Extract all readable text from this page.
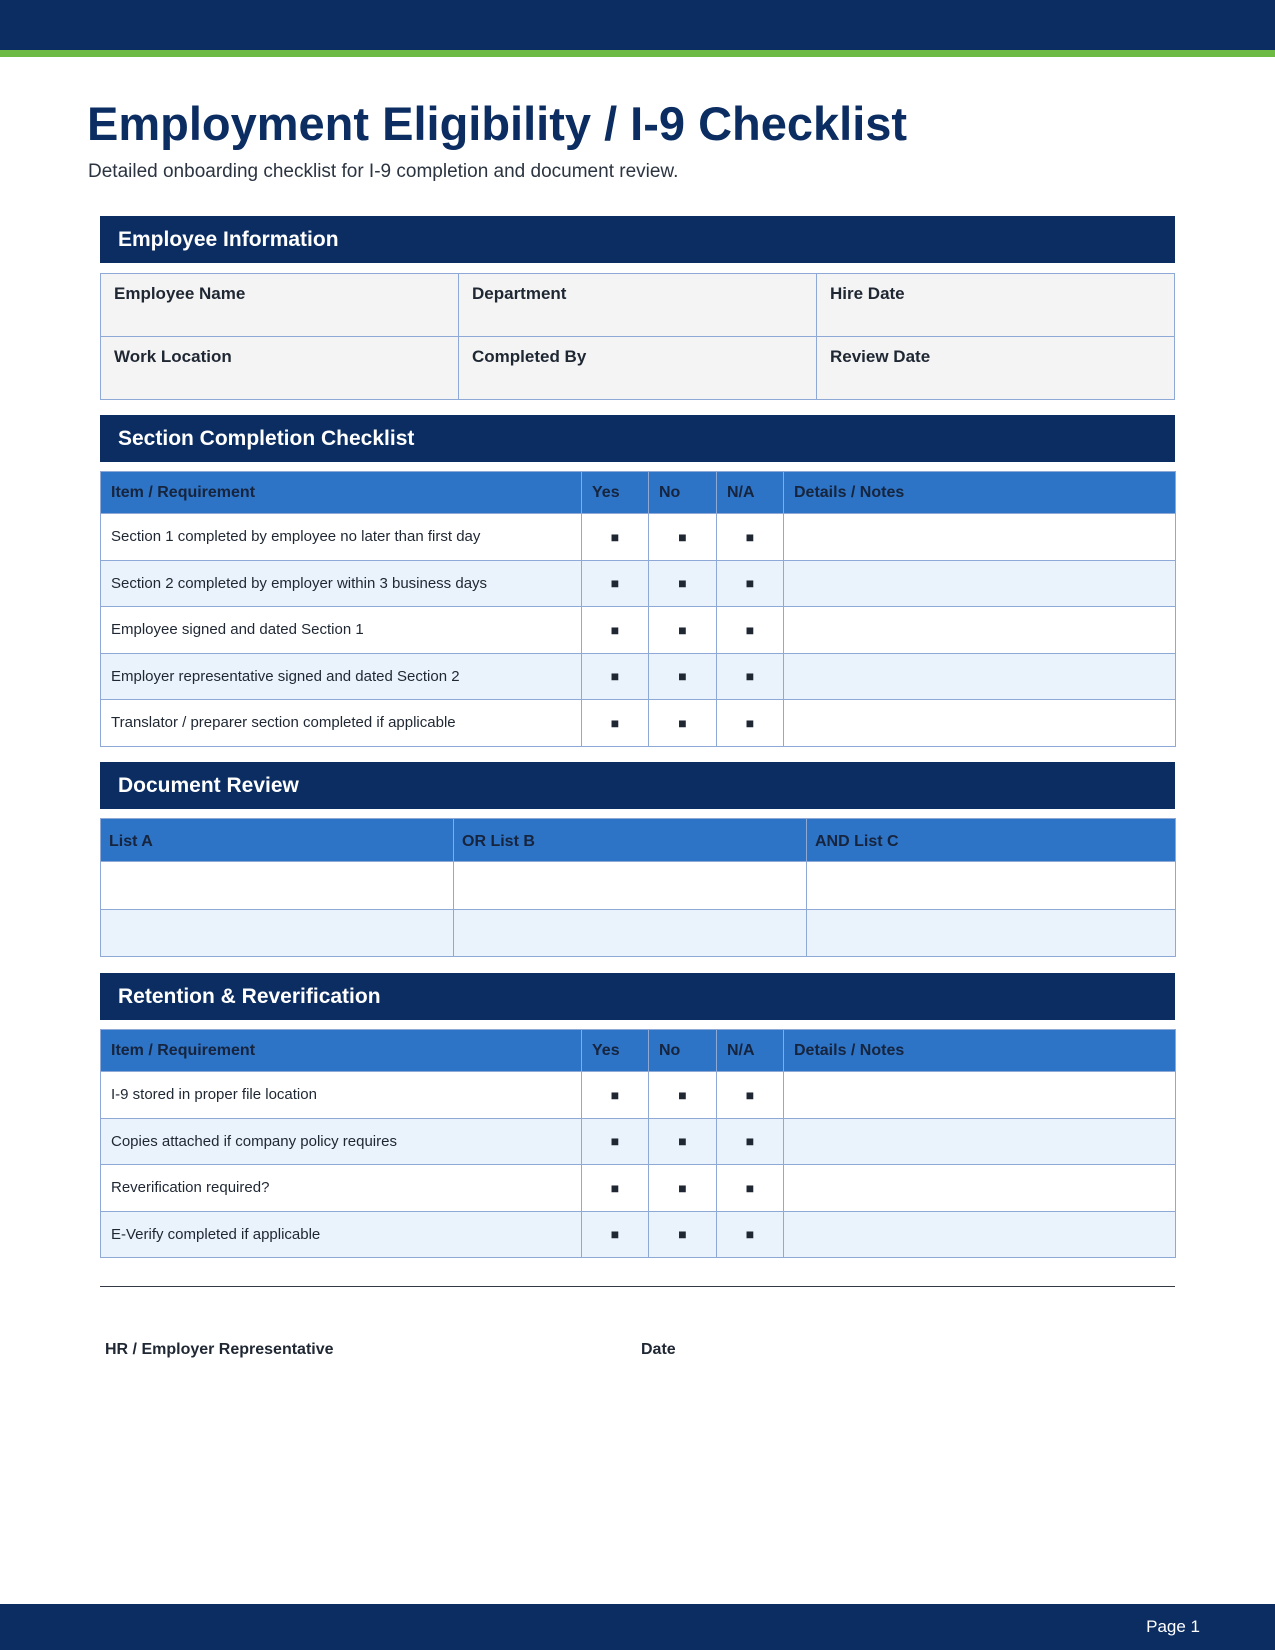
Employment Eligibility / I-9 Checklist

Detailed onboarding checklist for I-9 completion and document review.

Employee Information
Employee Name	Department	Hire Date
Work Location	Completed By	Review Date
Section Completion Checklist
Item / Requirement	Yes	No	N/A	Details / Notes
Section 1 completed by employee no later than first day	■	■	■	
Section 2 completed by employer within 3 business days	■	■	■	
Employee signed and dated Section 1	■	■	■	
Employer representative signed and dated Section 2	■	■	■	
Translator / preparer section completed if applicable	■	■	■	
Document Review
List A	OR List B	AND List C

Retention & Reverification
Item / Requirement	Yes	No	N/A	Details / Notes
I-9 stored in proper file location	■	■	■	
Copies attached if company policy requires	■	■	■	
Reverification required?	■	■	■	
E-Verify completed if applicable	■	■	■	
HR / Employer Representative	Date
Page 1
